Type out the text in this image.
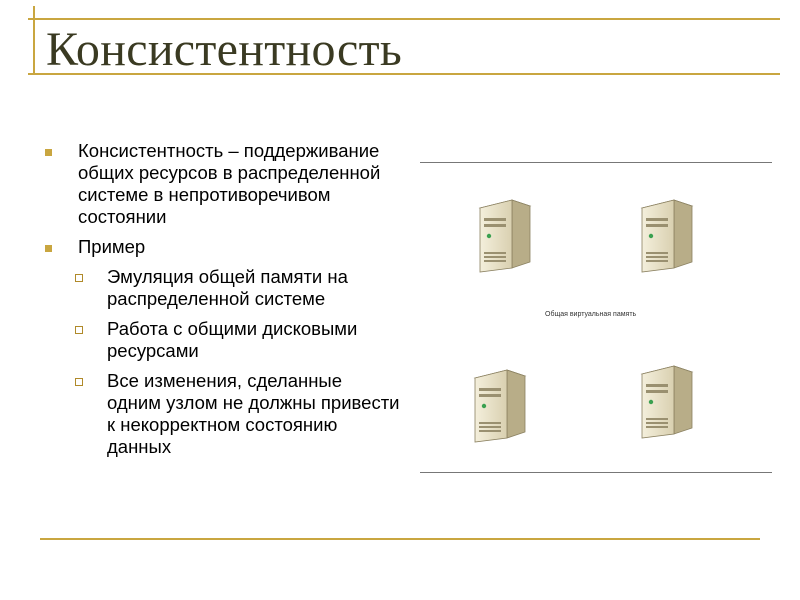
Консистентность
Консистентность – поддерживание общих ресурсов в распределенной системе в непротиворечивом состоянии
Пример
Эмуляция общей памяти на распределенной системе
Работа с общими дисковыми ресурсами
Все изменения, сделанные одним узлом не должны привести к некорректном состоянию данных
Общая виртуальная память
